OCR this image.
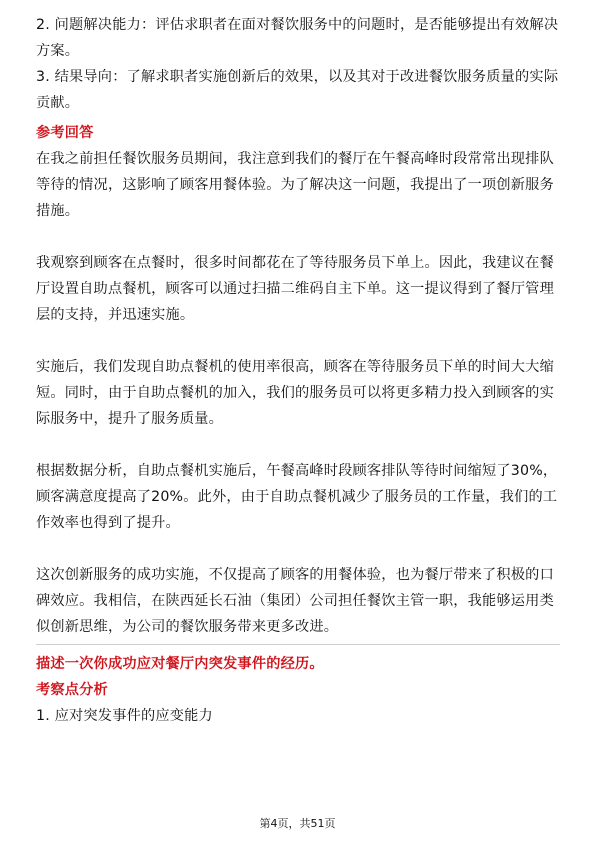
2. 问题解决能力：评估求职者在面对餐饮服务中的问题时，是否能够提出有效解决方案。

3. 结果导向：了解求职者实施创新后的效果，以及其对于改进餐饮服务质量的实际贡献。

参考回答

在我之前担任餐饮服务员期间，我注意到我们的餐厅在午餐高峰时段常常出现排队等待的情况，这影响了顾客用餐体验。为了解决这一问题，我提出了一项创新服务措施。

我观察到顾客在点餐时，很多时间都花在了等待服务员下单上。因此，我建议在餐厅设置自助点餐机，顾客可以通过扫描二维码自主下单。这一提议得到了餐厅管理层的支持，并迅速实施。

实施后，我们发现自助点餐机的使用率很高，顾客在等待服务员下单的时间大大缩短。同时，由于自助点餐机的加入，我们的服务员可以将更多精力投入到顾客的实际服务中，提升了服务质量。

根据数据分析，自助点餐机实施后，午餐高峰时段顾客排队等待时间缩短了30%，顾客满意度提高了20%。此外，由于自助点餐机减少了服务员的工作量，我们的工作效率也得到了提升。

这次创新服务的成功实施，不仅提高了顾客的用餐体验，也为餐厅带来了积极的口碑效应。我相信，在陕西延长石油（集团）公司担任餐饮主管一职，我能够运用类似创新思维，为公司的餐饮服务带来更多改进。

描述一次你成功应对餐厅内突发事件的经历。

考察点分析

1. 应对突发事件的应变能力

第4页，共51页
